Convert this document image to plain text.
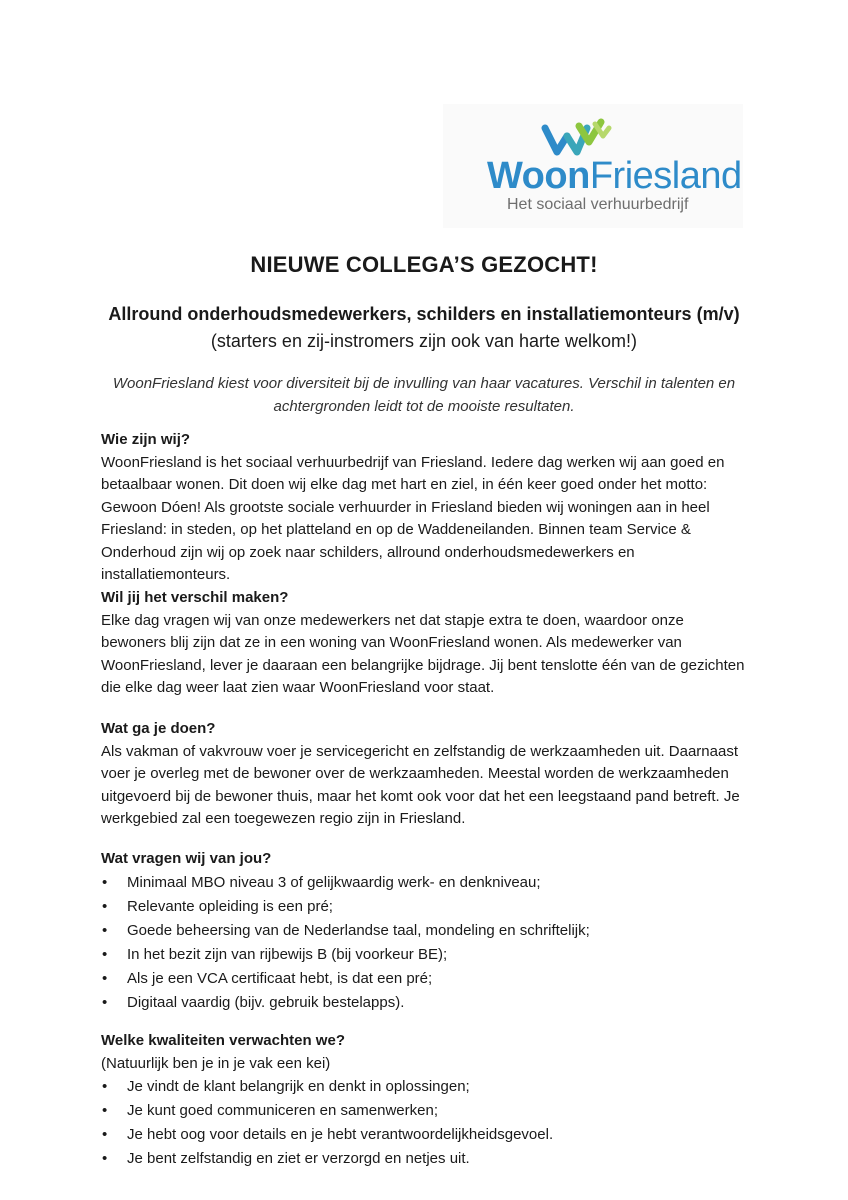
WoonFriesland
Het sociaal verhuurbedrijf
NIEUWE COLLEGA’S GEZOCHT!
Allround onderhoudsmedewerkers, schilders en installatiemonteurs (m/v)
(starters en zij-instromers zijn ook van harte welkom!)
WoonFriesland kiest voor diversiteit bij de invulling van haar vacatures. Verschil in talenten en achtergronden leidt tot de mooiste resultaten.

Wie zijn wij?

WoonFriesland is het sociaal verhuurbedrijf van Friesland. Iedere dag werken wij aan goed en betaalbaar wonen. Dit doen wij elke dag met hart en ziel, in één keer goed onder het motto: Gewoon Dóen! Als grootste sociale verhuurder in Friesland bieden wij woningen aan in heel Friesland: in steden, op het platteland en op de Waddeneilanden. Binnen team Service & Onderhoud zijn wij op zoek naar schilders, allround onderhoudsmedewerkers en installatiemonteurs.

Wil jij het verschil maken?

Elke dag vragen wij van onze medewerkers net dat stapje extra te doen, waardoor onze bewoners blij zijn dat ze in een woning van WoonFriesland wonen. Als medewerker van WoonFriesland, lever je daaraan een belangrijke bijdrage. Jij bent tenslotte één van de gezichten die elke dag weer laat zien waar WoonFriesland voor staat.

Wat ga je doen?

Als vakman of vakvrouw voer je servicegericht en zelfstandig de werkzaamheden uit. Daarnaast voer je overleg met de bewoner over de werkzaamheden. Meestal worden de werkzaamheden uitgevoerd bij de bewoner thuis, maar het komt ook voor dat het een leegstaand pand betreft. Je werkgebied zal een toegewezen regio zijn in Friesland.

Wat vragen wij van jou?

• Minimaal MBO niveau 3 of gelijkwaardig werk- en denkniveau;
• Relevante opleiding is een pré;
• Goede beheersing van de Nederlandse taal, mondeling en schriftelijk;
• In het bezit zijn van rijbewijs B (bij voorkeur BE);
• Als je een VCA certificaat hebt, is dat een pré;
• Digitaal vaardig (bijv. gebruik bestelapps).

Welke kwaliteiten verwachten we?

(Natuurlijk ben je in je vak een kei)

• Je vindt de klant belangrijk en denkt in oplossingen;
• Je kunt goed communiceren en samenwerken;
• Je hebt oog voor details en je hebt verantwoordelijkheidsgevoel.
• Je bent zelfstandig en ziet er verzorgd en netjes uit.
